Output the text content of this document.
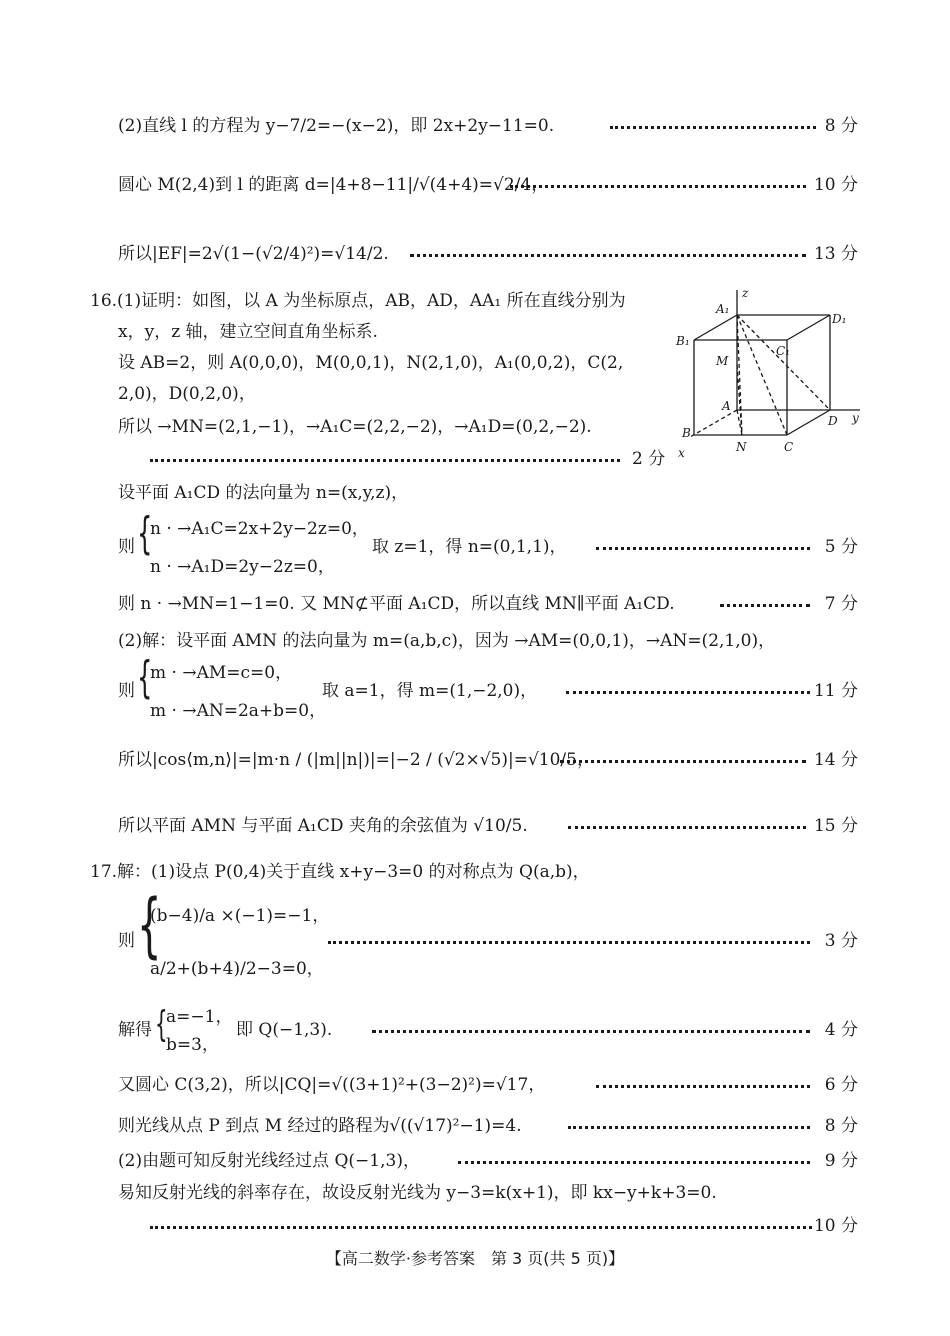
(2)直线 l 的方程为 y−7/2=−(x−2)，即 2x+2y−11=0.	8 分
圆心 M(2,4)到 l 的距离 d=|4+8−11|/√(4+4)=√2/4，	10 分
所以|EF|=2√(1−(√2/4)²)=√14/2.	13 分
16.(1)证明：如图，以 A 为坐标原点，AB，AD，AA₁ 所在直线分别为
x，y，z 轴，建立空间直角坐标系.
设 AB=2，则 A(0,0,0)，M(0,0,1)，N(2,1,0)，A₁(0,0,2)，C(2,
2,0)，D(0,2,0)，
所以 →MN=(2,1,−1)，→A₁C=(2,2,−2)，→A₁D=(0,2,−2).
2 分
z
A₁
D₁
B₁
C₁
M
A
D y
B
N	C
x
设平面 A₁CD 的法向量为 n=(x,y,z)，
则 {
n · →A₁C=2x+2y−2z=0，
n · →A₁D=2y−2z=0，
取 z=1，得 n=(0,1,1)，	5 分
则 n · →MN=1−1=0. 又 MN⊄平面 A₁CD，所以直线 MN∥平面 A₁CD.	7 分
(2)解：设平面 AMN 的法向量为 m=(a,b,c)，因为 →AM=(0,0,1)，→AN=(2,1,0)，
则 {
m · →AM=c=0，
m · →AN=2a+b=0，
取 a=1，得 m=(1,−2,0)，	11 分
所以|cos⟨m,n⟩|=|m·n / (|m||n|)|=|−2 / (√2×√5)|=√10/5，	14 分
所以平面 AMN 与平面 A₁CD 夹角的余弦值为 √10/5.	15 分
17.解：(1)设点 P(0,4)关于直线 x+y−3=0 的对称点为 Q(a,b)，
则 {
(b−4)/a ×(−1)=−1，
a/2+(b+4)/2−3=0，
3 分
解得 {
a=−1，
b=3，
即 Q(−1,3).	4 分
又圆心 C(3,2)，所以|CQ|=√((3+1)²+(3−2)²)=√17，	6 分
则光线从点 P 到点 M 经过的路程为√((√17)²−1)=4.	8 分
(2)由题可知反射光线经过点 Q(−1,3)，	9 分
易知反射光线的斜率存在，故设反射光线为 y−3=k(x+1)，即 kx−y+k+3=0.
10 分
【高二数学·参考答案　第 3 页(共 5 页)】
